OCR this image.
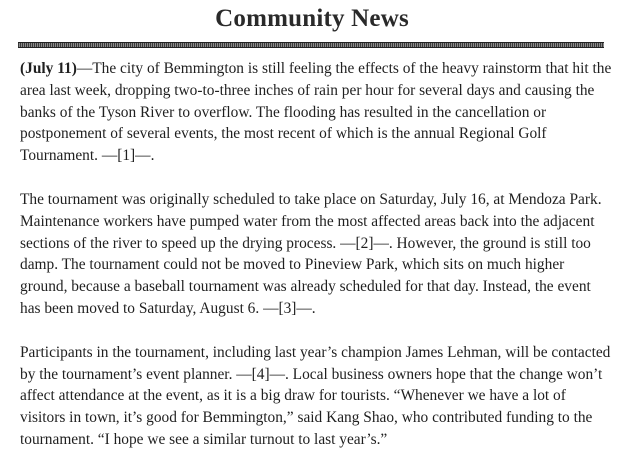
Community News

(July 11)—The city of Bemmington is still feeling the effects of the heavy rainstorm that hit the area last week, dropping two-to-three inches of rain per hour for several days and causing the banks of the Tyson River to overflow. The flooding has resulted in the cancellation or postponement of several events, the most recent of which is the annual Regional Golf Tournament. —[1]—.

The tournament was originally scheduled to take place on Saturday, July 16, at Mendoza Park. Maintenance workers have pumped water from the most affected areas back into the adjacent sections of the river to speed up the drying process. —[2]—. However, the ground is still too damp. The tournament could not be moved to Pineview Park, which sits on much higher ground, because a baseball tournament was already scheduled for that day. Instead, the event has been moved to Saturday, August 6. —[3]—.

Participants in the tournament, including last year’s champion James Lehman, will be contacted by the tournament’s event planner. —[4]—. Local business owners hope that the change won’t affect attendance at the event, as it is a big draw for tourists. “Whenever we have a lot of visitors in town, it’s good for Bemmington,” said Kang Shao, who contributed funding to the tournament. “I hope we see a similar turnout to last year’s.”
